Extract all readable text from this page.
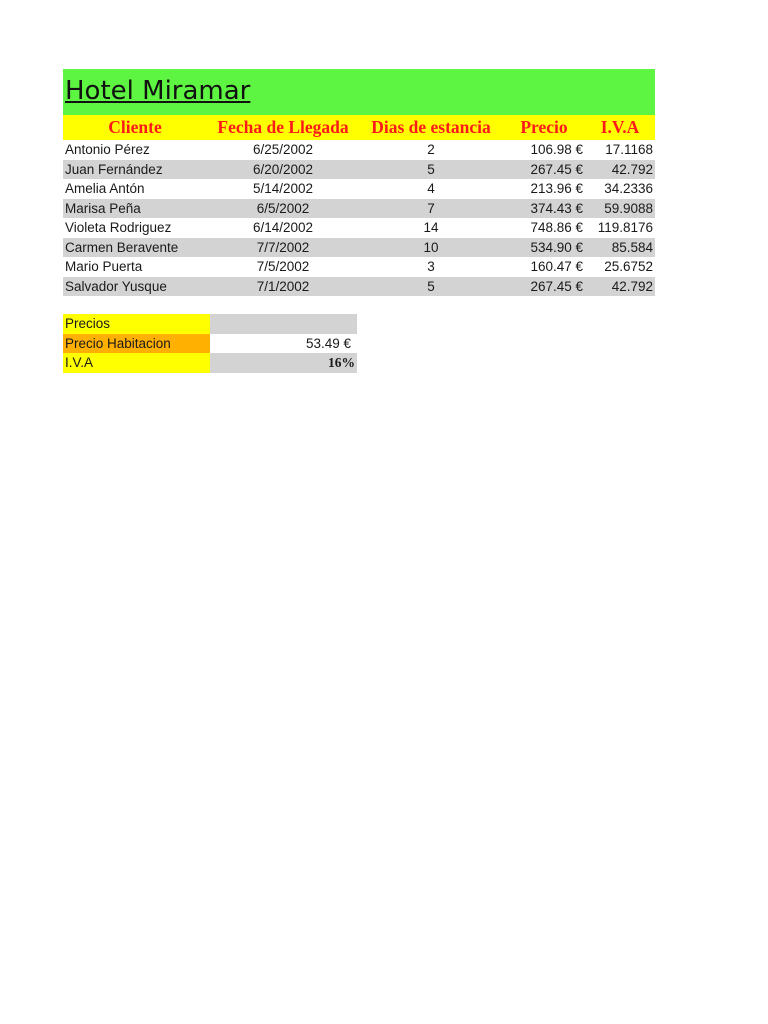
Hotel Miramar
Cliente	Fecha de Llegada	Dias de estancia	Precio	I.V.A
Antonio Pérez	6/25/2002	2	106.98 €	17.1168
Juan Fernández	6/20/2002	5	267.45 €	42.792
Amelia Antón	5/14/2002	4	213.96 €	34.2336
Marisa Peña	6/5/2002	7	374.43 €	59.9088
Violeta Rodriguez	6/14/2002	14	748.86 €	119.8176
Carmen Beravente	7/7/2002	10	534.90 €	85.584
Mario Puerta	7/5/2002	3	160.47 €	25.6752
Salvador Yusque	7/1/2002	5	267.45 €	42.792
Precios	
Precio Habitacion	53.49 €
I.V.A	16%
